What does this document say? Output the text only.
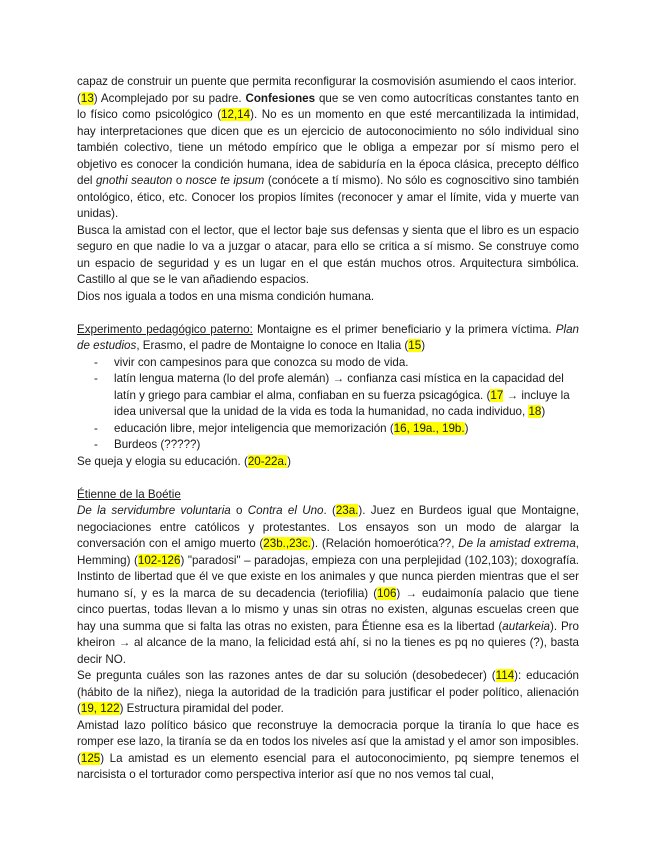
capaz de construir un puente que permita reconfigurar la cosmovisión asumiendo el caos interior.

(13) Acomplejado por su padre. Confesiones que se ven como autocríticas constantes tanto en lo físico como psicológico (12,14). No es un momento en que esté mercantilizada la intimidad, hay interpretaciones que dicen que es un ejercicio de autoconocimiento no sólo individual sino también colectivo, tiene un método empírico que le obliga a empezar por sí mismo pero el objetivo es conocer la condición humana, idea de sabiduría en la época clásica, precepto délfico del gnothi seauton o nosce te ipsum (conócete a tí mismo). No sólo es cognoscitivo sino también ontológico, ético, etc. Conocer los propios límites (reconocer y amar el límite, vida y muerte van unidas).

Busca la amistad con el lector, que el lector baje sus defensas y sienta que el libro es un espacio seguro en que nadie lo va a juzgar o atacar, para ello se critica a sí mismo. Se construye como un espacio de seguridad y es un lugar en el que están muchos otros. Arquitectura simbólica. Castillo al que se le van añadiendo espacios.

Dios nos iguala a todos en una misma condición humana.

Experimento pedagógico paterno: Montaigne es el primer beneficiario y la primera víctima. Plan de estudios, Erasmo, el padre de Montaigne lo conoce en Italia (15)

- vivir con campesinos para que conozca su modo de vida.
- latín lengua materna (lo del profe alemán) → confianza casi mística en la capacidad del latín y griego para cambiar el alma, confiaban en su fuerza psicagógica. (17 → incluye la idea universal que la unidad de la vida es toda la humanidad, no cada individuo, 18)
- educación libre, mejor inteligencia que memorización (16, 19a., 19b.)
- Burdeos (?????)

Se queja y elogia su educación. (20-22a.)

Étienne de la Boétie

De la servidumbre voluntaria o Contra el Uno. (23a.). Juez en Burdeos igual que Montaigne, negociaciones entre católicos y protestantes. Los ensayos son un modo de alargar la conversación con el amigo muerto (23b.,23c.). (Relación homoerótica??, De la amistad extrema, Hemming) (102-126) "paradosi" – paradojas, empieza con una perplejidad (102,103); doxografía. Instinto de libertad que él ve que existe en los animales y que nunca pierden mientras que el ser humano sí, y es la marca de su decadencia (teriofilia) (106) → eudaimonía palacio que tiene cinco puertas, todas llevan a lo mismo y unas sin otras no existen, algunas escuelas creen que hay una summa que si falta las otras no existen, para Étienne esa es la libertad (autarkeia). Pro kheiron → al alcance de la mano, la felicidad está ahí, si no la tienes es pq no quieres (?), basta decir NO.

Se pregunta cuáles son las razones antes de dar su solución (desobedecer) (114): educación (hábito de la niñez), niega la autoridad de la tradición para justificar el poder político, alienación (19, 122) Estructura piramidal del poder.

Amistad lazo político básico que reconstruye la democracia porque la tiranía lo que hace es romper ese lazo, la tiranía se da en todos los niveles así que la amistad y el amor son imposibles.(125) La amistad es un elemento esencial para el autoconocimiento, pq siempre tenemos el narcisista o el torturador como perspectiva interior así que no nos vemos tal cual,
